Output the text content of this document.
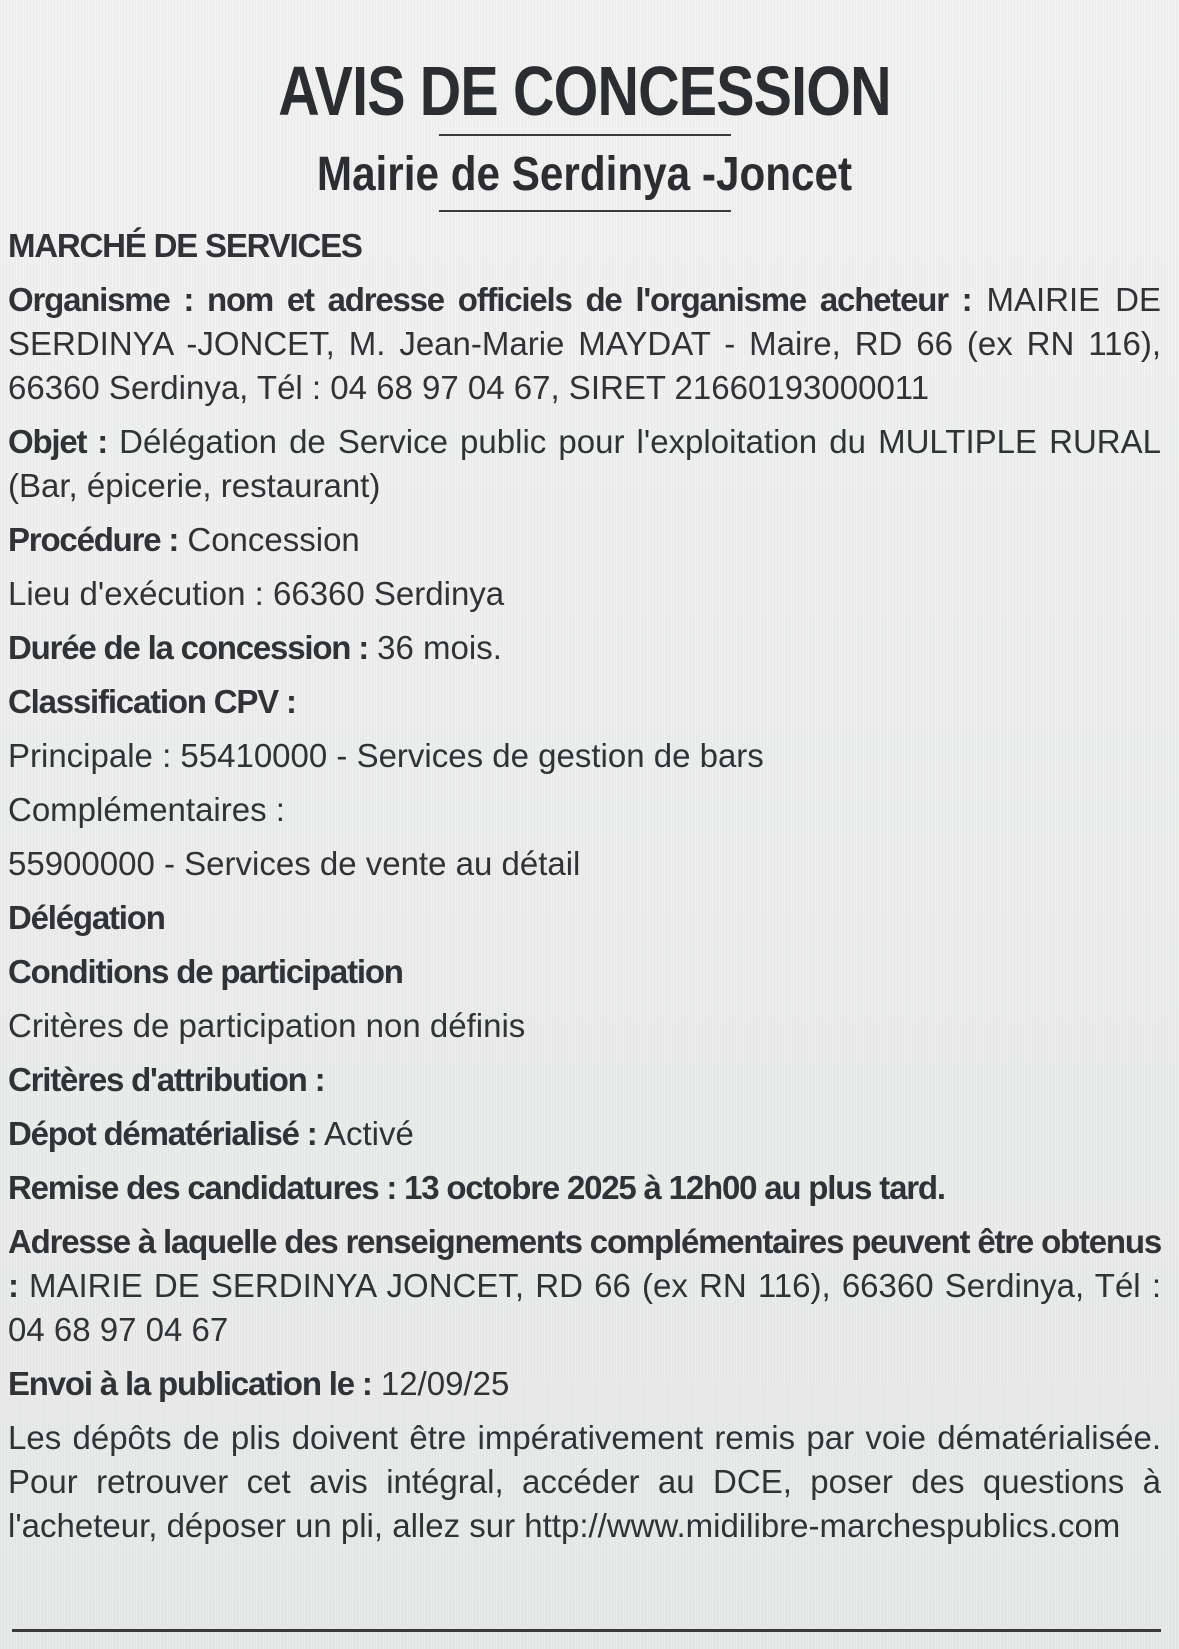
AVIS DE CONCESSION
Mairie de Serdinya -Joncet

MARCHÉ DE SERVICES

Organisme : nom et adresse officiels de l'organisme acheteur : MAIRIE DE SERDINYA -JONCET, M. Jean-Marie MAYDAT - Maire, RD 66 (ex RN 116), 66360 Serdinya, Tél : 04 68 97 04 67, SIRET 21660193000011

Objet : Délégation de Service public pour l'exploitation du MULTIPLE RURAL (Bar, épicerie, restaurant)

Procédure : Concession

Lieu d'exécution : 66360 Serdinya

Durée de la concession : 36 mois.

Classification CPV :

Principale : 55410000 - Services de gestion de bars

Complémentaires :

55900000 - Services de vente au détail

Délégation

Conditions de participation

Critères de participation non définis

Critères d'attribution :

Dépot dématérialisé : Activé

Remise des candidatures : 13 octobre 2025 à 12h00 au plus tard.

Adresse à laquelle des renseignements complémentaires peuvent être obtenus : MAIRIE DE SERDINYA JONCET, RD 66 (ex RN 116), 66360 Serdinya, Tél : 04 68 97 04 67

Envoi à la publication le : 12/09/25

Les dépôts de plis doivent être impérativement remis par voie dématérialisée. Pour retrouver cet avis intégral, accéder au DCE, poser des questions à l'acheteur, déposer un pli, allez sur http://www.midilibre-marchespublics.com
